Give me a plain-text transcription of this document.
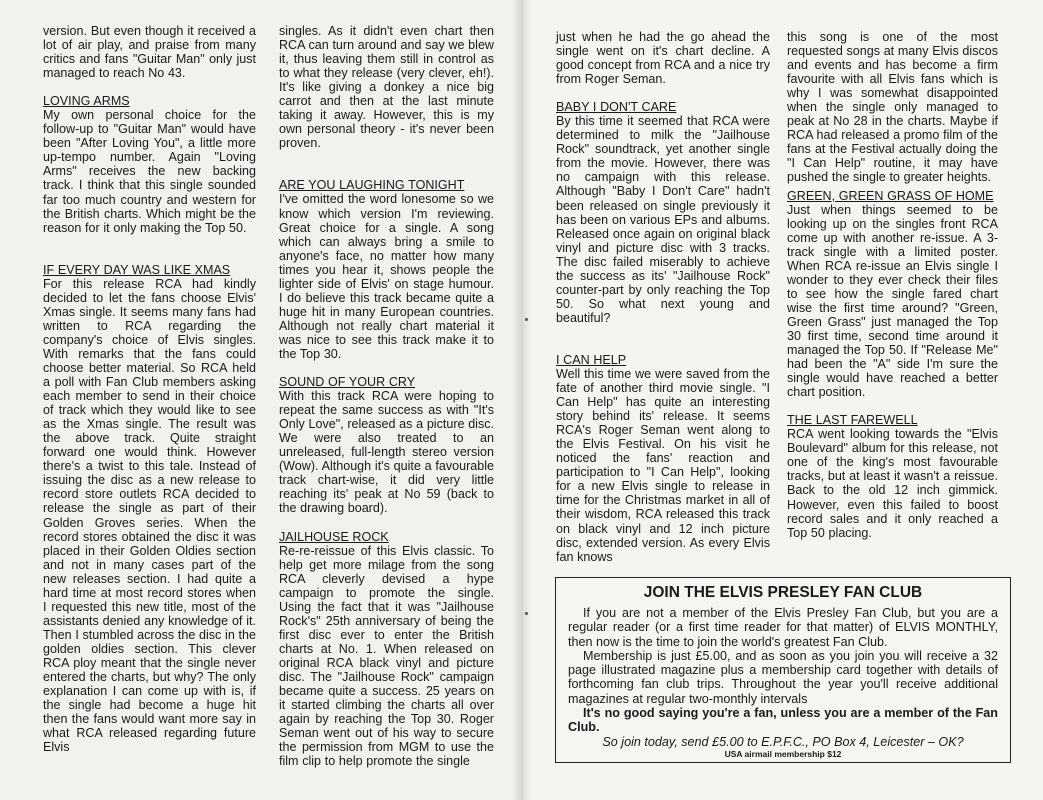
version. But even though it received a lot of air play, and praise from many critics and fans "Guitar Man" only just managed to reach No 43.

LOVING ARMS

My own personal choice for the follow-up to "Guitar Man" would have been "After Loving You", a little more up-tempo number. Again "Loving Arms" receives the new backing track. I think that this single sounded far too much country and western for the British charts. Which might be the reason for it only making the Top 50.

IF EVERY DAY WAS LIKE XMAS

For this release RCA had kindly decided to let the fans choose Elvis' Xmas single. It seems many fans had written to RCA regarding the company's choice of Elvis singles. With remarks that the fans could choose better material. So RCA held a poll with Fan Club members asking each member to send in their choice of track which they would like to see as the Xmas single. The result was the above track. Quite straight forward one would think. However there's a twist to this tale. Instead of issuing the disc as a new release to record store outlets RCA decided to release the single as part of their Golden Groves series. When the record stores obtained the disc it was placed in their Golden Oldies section and not in many cases part of the new releases section. I had quite a hard time at most record stores when I requested this new title, most of the assistants denied any knowledge of it. Then I stumbled across the disc in the golden oldies section. This clever RCA ploy meant that the single never entered the charts, but why? The only explanation I can come up with is, if the single had become a huge hit then the fans would want more say in what RCA released regarding future Elvis

singles. As it didn't even chart then RCA can turn around and say we blew it, thus leaving them still in control as to what they release (very clever, eh!). It's like giving a donkey a nice big carrot and then at the last minute taking it away. However, this is my own personal theory - it's never been proven.

ARE YOU LAUGHING TONIGHT

I've omitted the word lonesome so we know which version I'm reviewing. Great choice for a single. A song which can always bring a smile to anyone's face, no matter how many times you hear it, shows people the lighter side of Elvis' on stage humour. I do believe this track became quite a huge hit in many European countries. Although not really chart material it was nice to see this track make it to the Top 30.

SOUND OF YOUR CRY

With this track RCA were hoping to repeat the same success as with "It's Only Love", released as a picture disc. We were also treated to an unreleased, full-length stereo version (Wow). Although it's quite a favourable track chart-wise, it did very little reaching its' peak at No 59 (back to the drawing board).

JAILHOUSE ROCK

Re-re-reissue of this Elvis classic. To help get more milage from the song RCA cleverly devised a hype campaign to promote the single. Using the fact that it was "Jailhouse Rock's" 25th anniversary of being the first disc ever to enter the British charts at No. 1. When released on original RCA black vinyl and picture disc. The "Jailhouse Rock" campaign became quite a success. 25 years on it started climbing the charts all over again by reaching the Top 30. Roger Seman went out of his way to secure the permission from MGM to use the film clip to help promote the single

just when he had the go ahead the single went on it's chart decline. A good concept from RCA and a nice try from Roger Seman.

BABY I DON'T CARE

By this time it seemed that RCA were determined to milk the "Jailhouse Rock" soundtrack, yet another single from the movie. However, there was no campaign with this release. Although "Baby I Don't Care" hadn't been released on single previously it has been on various EPs and albums. Released once again on original black vinyl and picture disc with 3 tracks. The disc failed miserably to achieve the success as its' "Jailhouse Rock" counter-part by only reaching the Top 50. So what next young and beautiful?

I CAN HELP

Well this time we were saved from the fate of another third movie single. "I Can Help" has quite an interesting story behind its' release. It seems RCA's Roger Seman went along to the Elvis Festival. On his visit he noticed the fans' reaction and participation to "I Can Help", looking for a new Elvis single to release in time for the Christmas market in all of their wisdom, RCA released this track on black vinyl and 12 inch picture disc, extended version. As every Elvis fan knows

this song is one of the most requested songs at many Elvis discos and events and has become a firm favourite with all Elvis fans which is why I was somewhat disappointed when the single only managed to peak at No 28 in the charts. Maybe if RCA had released a promo film of the fans at the Festival actually doing the "I Can Help" routine, it may have pushed the single to greater heights.

GREEN, GREEN GRASS OF HOME

Just when things seemed to be looking up on the singles front RCA come up with another re-issue. A 3-track single with a limited poster. When RCA re-issue an Elvis single I wonder to they ever check their files to see how the single fared chart wise the first time around? "Green, Green Grass" just managed the Top 30 first time, second time around it managed the Top 50. If "Release Me" had been the "A" side I'm sure the single would have reached a better chart position.

THE LAST FAREWELL

RCA went looking towards the "Elvis Boulevard" album for this release, not one of the king's most favourable tracks, but at least it wasn't a reissue. Back to the old 12 inch gimmick. However, even this failed to boost record sales and it only reached a Top 50 placing.

JOIN THE ELVIS PRESLEY FAN CLUB

If you are not a member of the Elvis Presley Fan Club, but you are a regular reader (or a first time reader for that matter) of ELVIS MONTHLY, then now is the time to join the world's greatest Fan Club.

Membership is just £5.00, and as soon as you join you will receive a 32 page illustrated magazine plus a membership card together with details of forthcoming fan club trips. Throughout the year you'll receive additional magazines at regular two-monthly intervals

It's no good saying you're a fan, unless you are a member of the Fan Club.

So join today, send £5.00 to E.P.F.C., PO Box 4, Leicester – OK?

USA airmail membership $12
